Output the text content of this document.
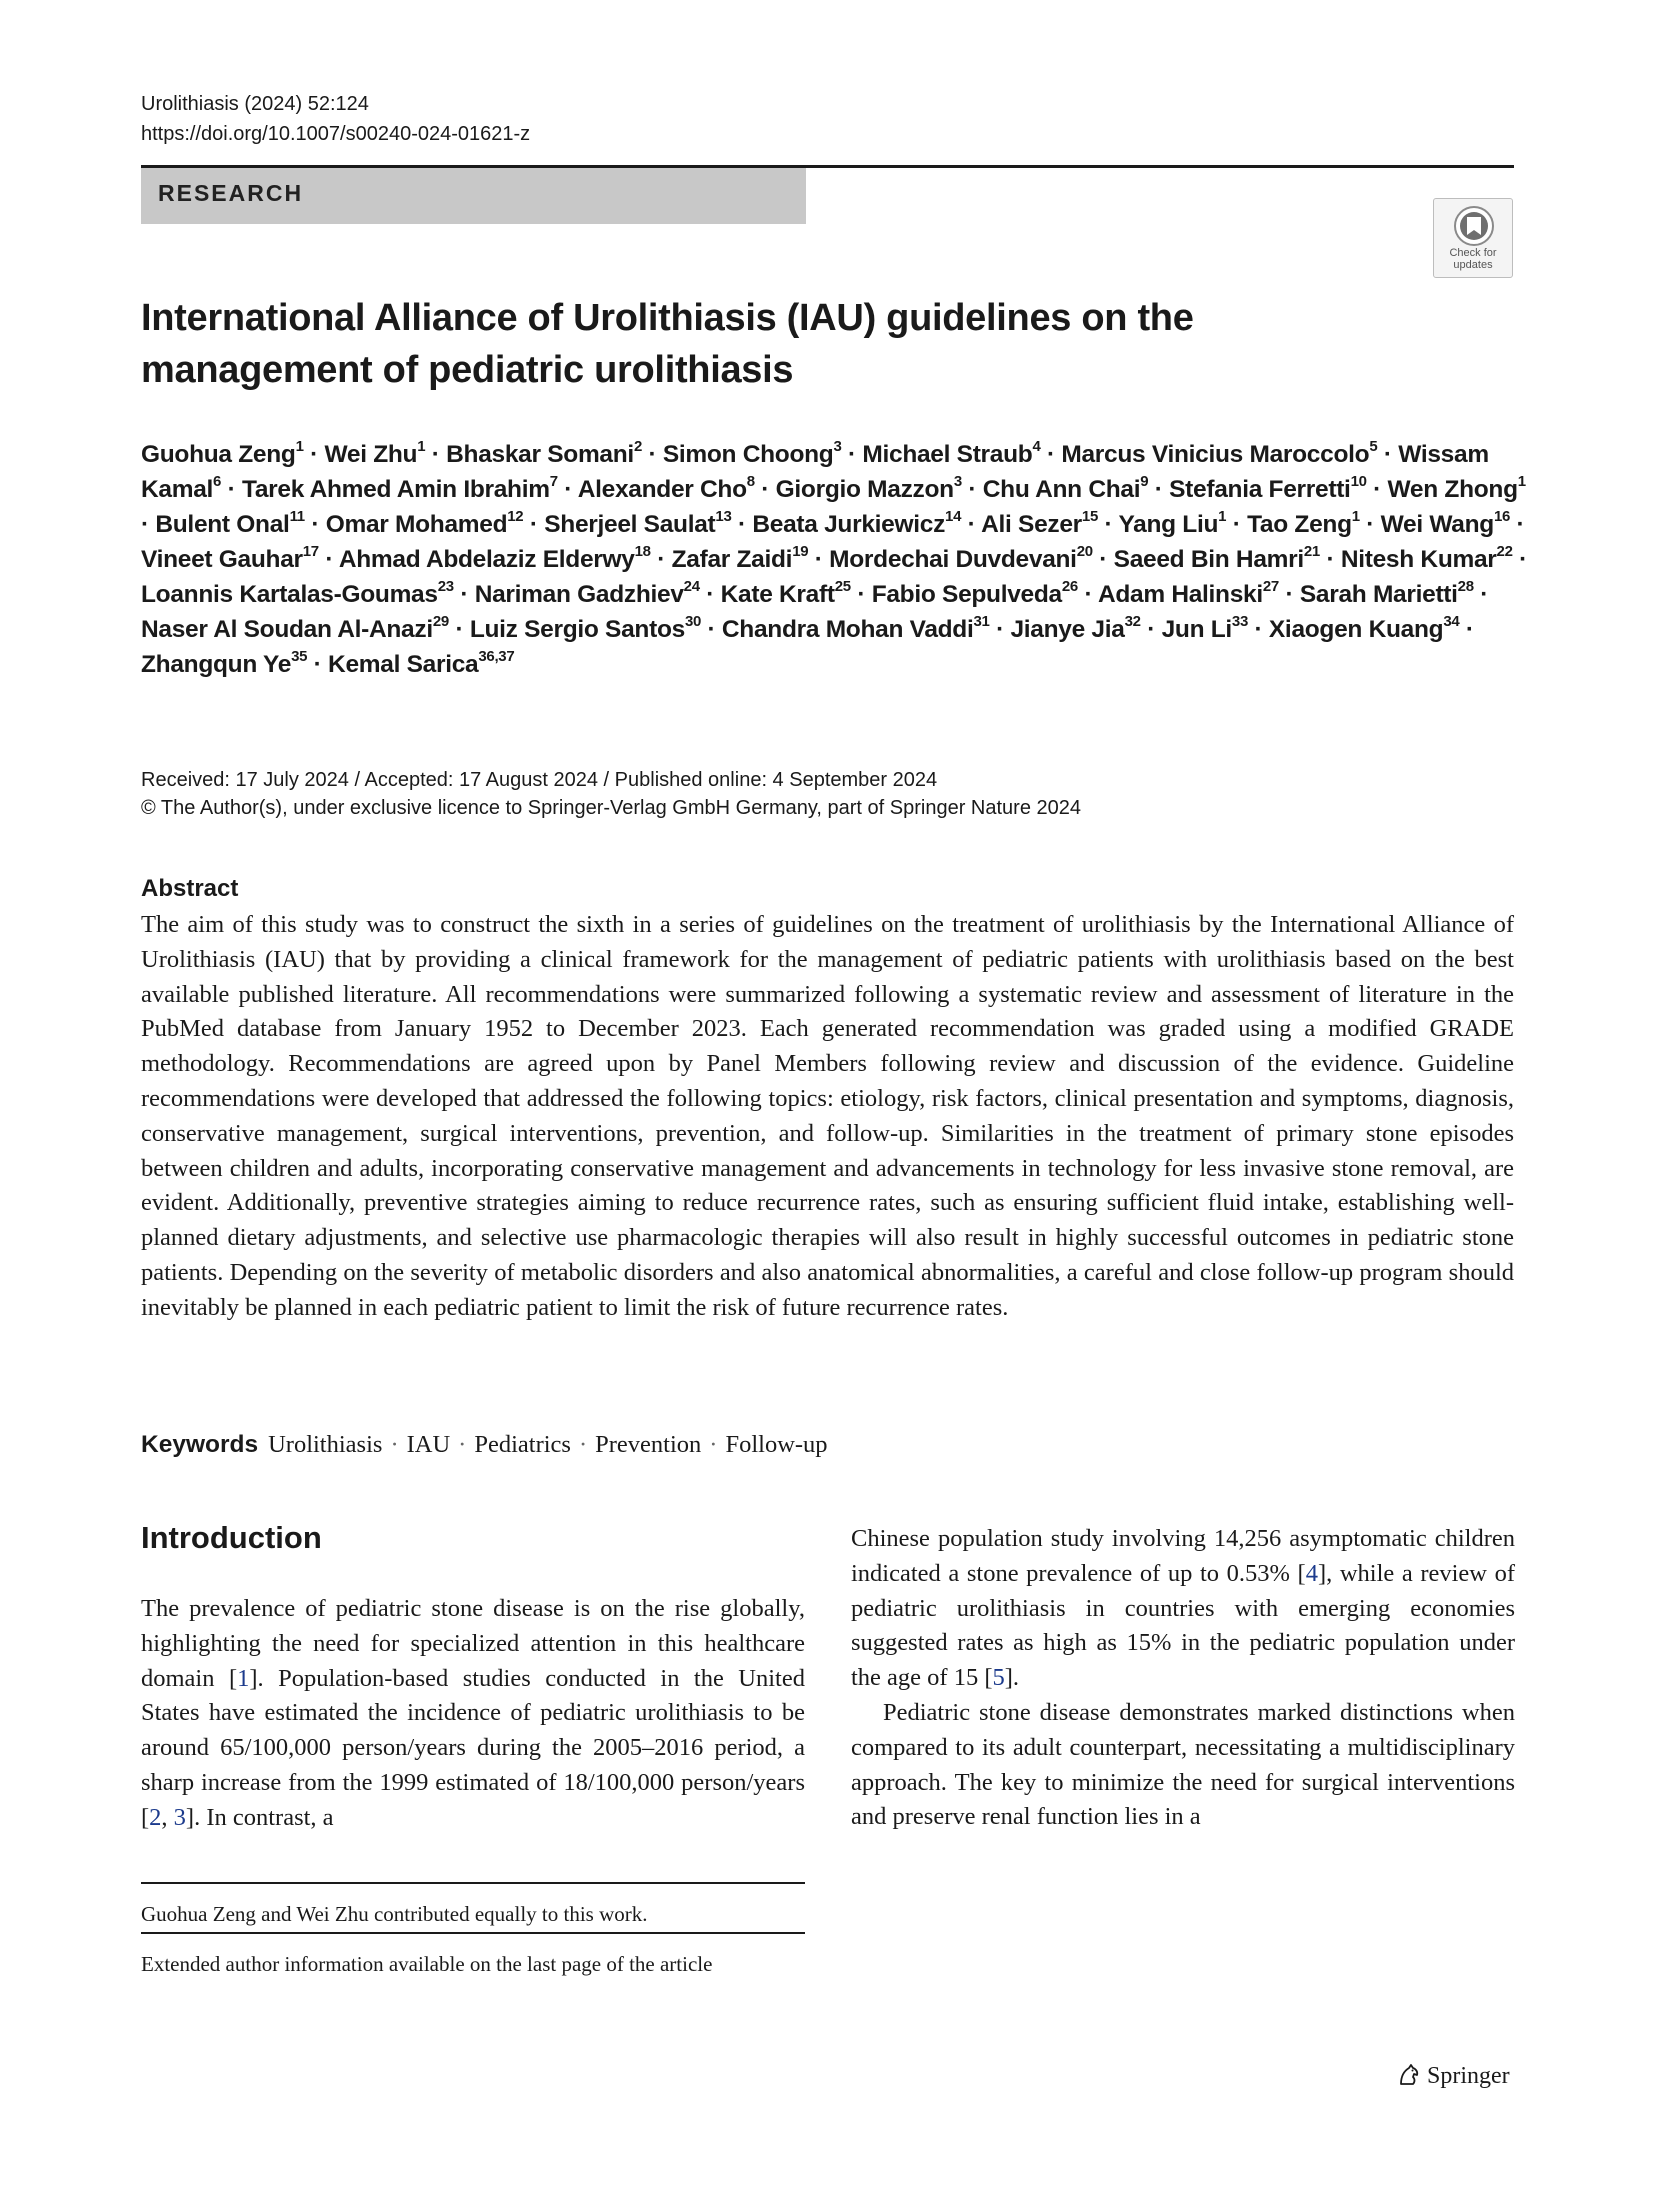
Urolithiasis (2024) 52:124
https://doi.org/10.1007/s00240-024-01621-z
RESEARCH
Check for
updates
International Alliance of Urolithiasis (IAU) guidelines on the management of pediatric urolithiasis
Guohua Zeng$^1$ · Wei Zhu$^1$ · Bhaskar Somani$^2$ · Simon Choong$^3$ · Michael Straub$^4$ · Marcus Vinicius Maroccolo$^5$ · Wissam Kamal$^6$ · Tarek Ahmed Amin Ibrahim$^7$ · Alexander Cho$^8$ · Giorgio Mazzon$^3$ · Chu Ann Chai$^9$ · Stefania Ferretti$^{10}$ · Wen Zhong$^1$ · Bulent Onal$^{11}$ · Omar Mohamed$^{12}$ · Sherjeel Saulat$^{13}$ · Beata Jurkiewicz$^{14}$ · Ali Sezer$^{15}$ · Yang Liu$^1$ · Tao Zeng$^1$ · Wei Wang$^{16}$ · Vineet Gauhar$^{17}$ · Ahmad Abdelaziz Elderwy$^{18}$ · Zafar Zaidi$^{19}$ · Mordechai Duvdevani$^{20}$ · Saeed Bin Hamri$^{21}$ · Nitesh Kumar$^{22}$ · Loannis Kartalas-Goumas$^{23}$ · Nariman Gadzhiev$^{24}$ · Kate Kraft$^{25}$ · Fabio Sepulveda$^{26}$ · Adam Halinski$^{27}$ · Sarah Marietti$^{28}$ · Naser Al Soudan Al-Anazi$^{29}$ · Luiz Sergio Santos$^{30}$ · Chandra Mohan Vaddi$^{31}$ · Jianye Jia$^{32}$ · Jun $Li^{33}$ · Xiaogen Kuang$^{34}$ · Zhangqun $Ye^{35}$ · Kemal Sarica$^{36,37}$
Received: 17 July 2024 / Accepted: 17 August 2024 / Published online: 4 September 2024
© The Author(s), under exclusive licence to Springer-Verlag GmbH Germany, part of Springer Nature 2024
Abstract

The aim of this study was to construct the sixth in a series of guidelines on the treatment of urolithiasis by the International Alliance of Urolithiasis (IAU) that by providing a clinical framework for the management of pediatric patients with urolithiasis based on the best available published literature. All recommendations were summarized following a systematic review and assessment of literature in the PubMed database from January 1952 to December 2023. Each generated recommendation was graded using a modified GRADE methodology. Recommendations are agreed upon by Panel Members following review and discussion of the evidence. Guideline recommendations were developed that addressed the following topics: etiology, risk factors, clinical presentation and symptoms, diagnosis, conservative management, surgical interventions, prevention, and follow-up. Similarities in the treatment of primary stone episodes between children and adults, incorporating conservative management and advancements in technology for less invasive stone removal, are evident. Additionally, preventive strategies aiming to reduce recurrence rates, such as ensuring sufficient fluid intake, establishing well-planned dietary adjustments, and selective use pharmacologic therapies will also result in highly successful outcomes in pediatric stone patients. Depending on the severity of metabolic disorders and also anatomical abnormalities, a careful and close follow-up program should inevitably be planned in each pediatric patient to limit the risk of future recurrence rates.

Keywords Urolithiasis · IAU · Pediatrics · Prevention · Follow-up
Introduction

The prevalence of pediatric stone disease is on the rise globally, highlighting the need for specialized attention in this healthcare domain [1]. Population-based studies conducted in the United States have estimated the incidence of pediatric urolithiasis to be around 65/100,000 person/years during the 2005–2016 period, a sharp increase from the 1999 estimated of 18/100,000 person/years [2, 3]. In contrast, a

Chinese population study involving 14,256 asymptomatic children indicated a stone prevalence of up to 0.53% [4], while a review of pediatric urolithiasis in countries with emerging economies suggested rates as high as 15% in the pediatric population under the age of 15 [5].

Pediatric stone disease demonstrates marked distinctions when compared to its adult counterpart, necessitating a multidisciplinary approach. The key to minimize the need for surgical interventions and preserve renal function lies in a

Guohua Zeng and Wei Zhu contributed equally to this work.
Extended author information available on the last page of the article
Springer
